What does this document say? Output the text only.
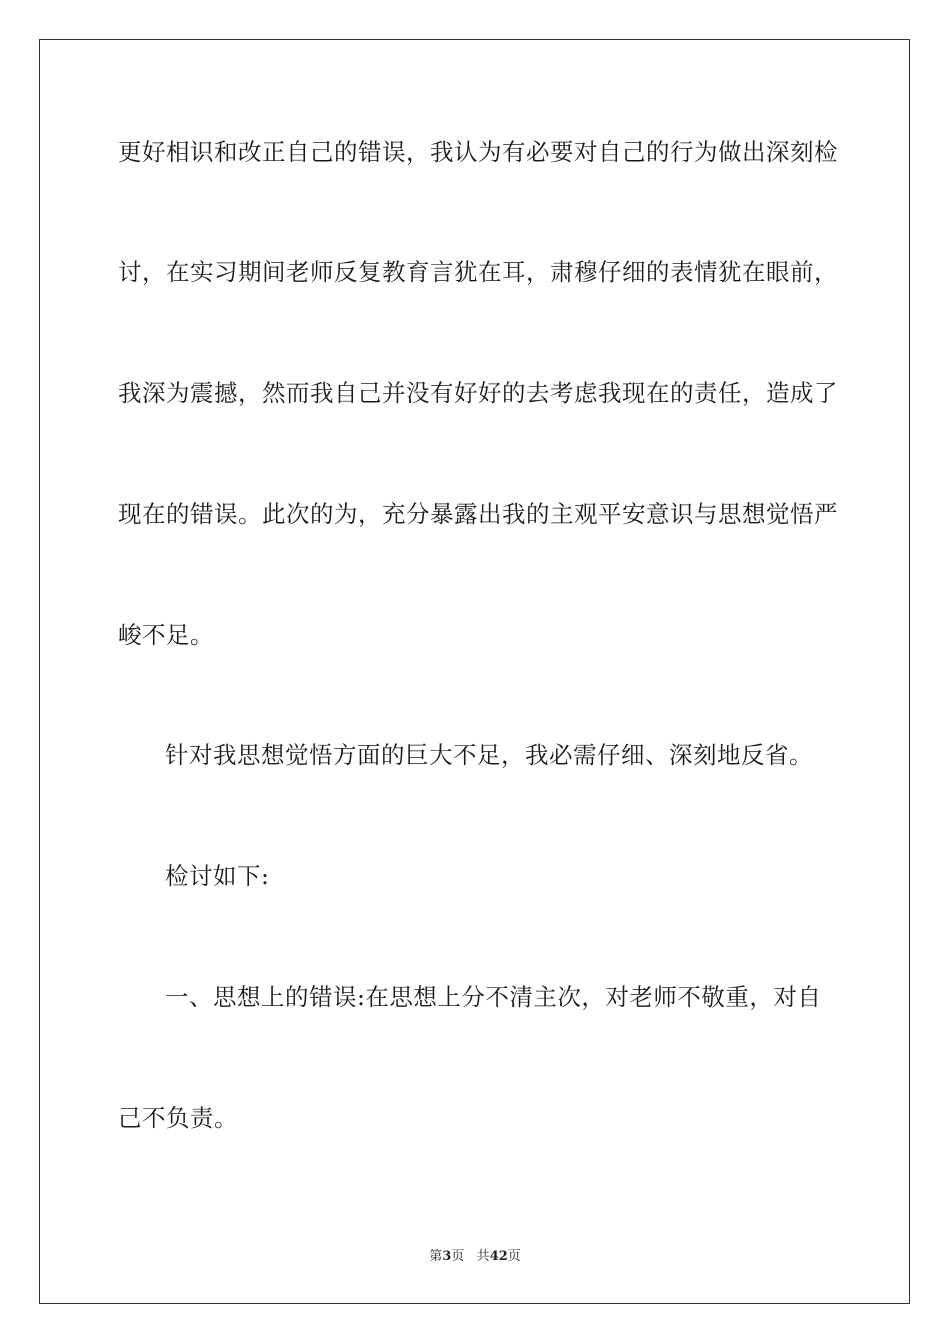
更好相识和改正自己的错误，我认为有必要对自己的行为做出深刻检
讨，在实习期间老师反复教育言犹在耳，肃穆仔细的表情犹在眼前，
我深为震撼，然而我自己并没有好好的去考虑我现在的责任，造成了
现在的错误。此次的为，充分暴露出我的主观平安意识与思想觉悟严
峻不足。
针对我思想觉悟方面的巨大不足，我必需仔细、深刻地反省。
检讨如下:
一、思想上的错误:在思想上分不清主次，对老师不敬重，对自
己不负责。
第3页 共42页
